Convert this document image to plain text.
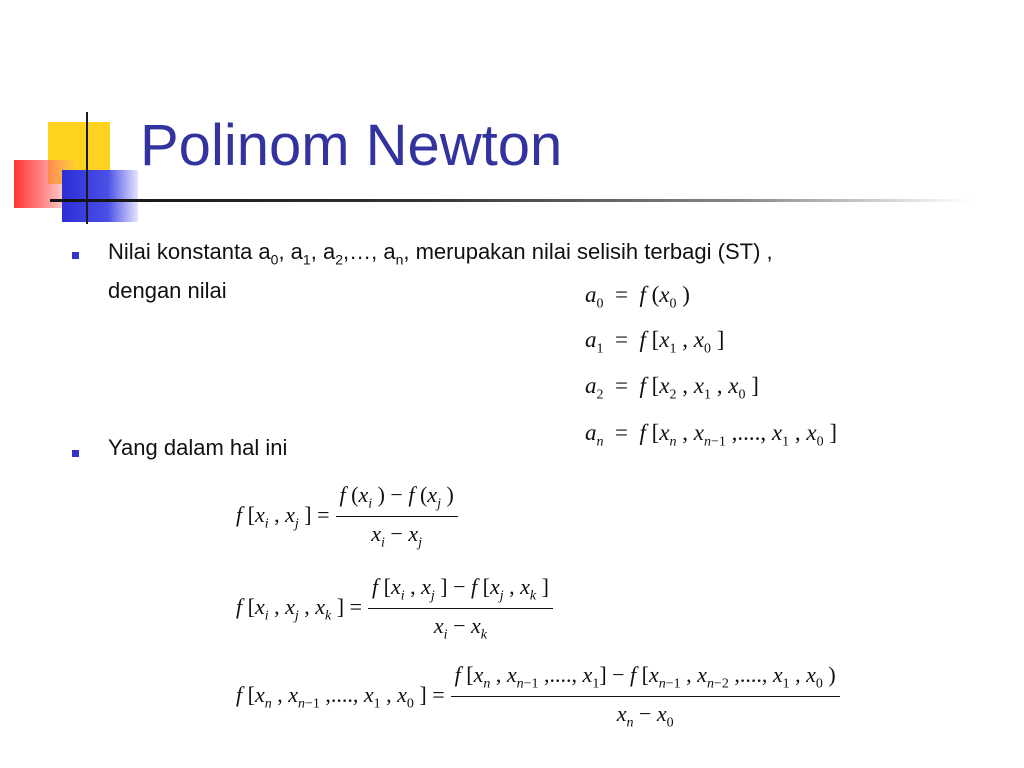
Polinom Newton
Nilai konstanta $a_0$, $a_1$, $a_2,\dots$, $a_n$, merupakan nilai selisih terbagi (ST) ,
dengan nilai
Yang dalam hal ini
$a_0 = f$ ($x_0$ )
$a_1 = f$ [$x_1$ , $x_0$ ]
$a_2 = f$ [$x_2$ , $x_1$ , $x_0$ ]
$a_n = f$ [$x_n$ , $x_{n-1}$ ,...., $x_1$ , $x_0$ ]
f [$x_i$ , $x_j$ ] = $\frac{f (x_i ) - f (x_j )}{x_i - x_j}$
f [$x_i$ , $x_j$ , $x_k$ ] = $\frac{f [x_i , x_j ] - f [x_j , x_k ]}{x_i - x_k}$
f [$x_n$ , $x_{n-1}$ ,...., $x_1$ , $x_0$ ] = $\frac{f [x_n , x_{n-1} ,...., x_1] - f [x_{n-1} , x_{n-2} ,...., x_1 , x_0 )}{x_n - x_0}$
